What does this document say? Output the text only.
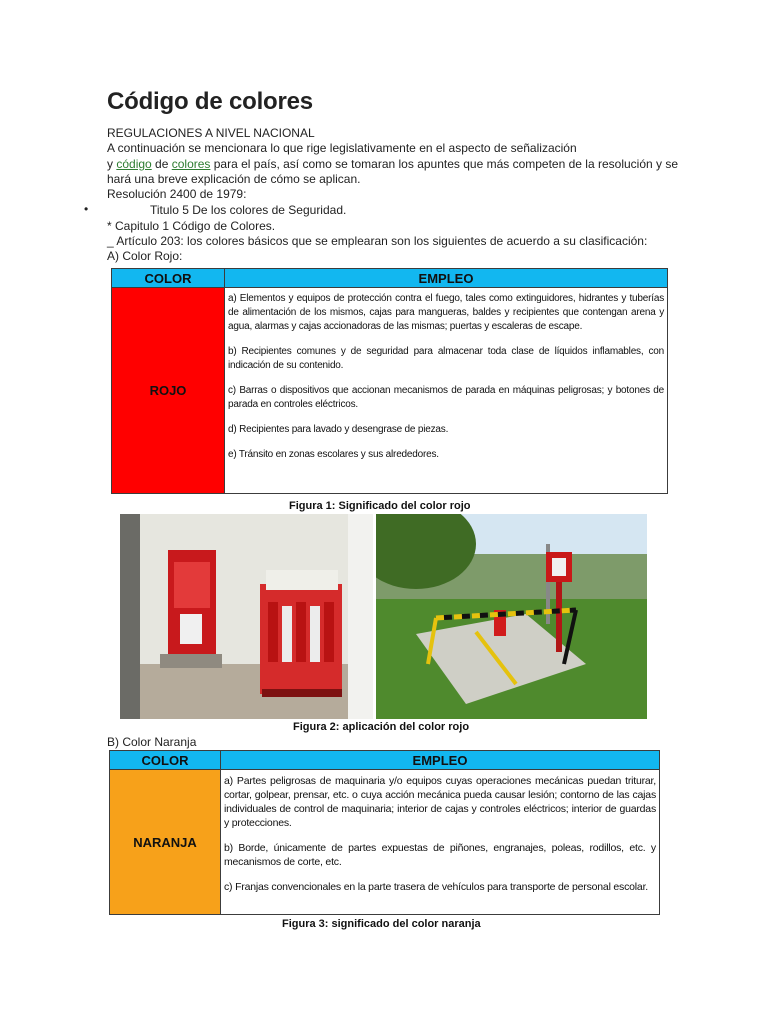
Código de colores
REGULACIONES A NIVEL NACIONAL
A continuación se mencionara lo que rige legislativamente en el aspecto de señalización
y código de colores para el país, así como se tomaran los apuntes que más competen de la resolución y se
hará una breve explicación de cómo se aplican.
Resolución 2400 de 1979:
•	Titulo 5 De los colores de Seguridad.
* Capitulo 1 Código de Colores.
_ Artículo 203: los colores básicos que se emplearan son los siguientes de acuerdo a su clasificación:
A) Color Rojo:
COLOR	EMPLEO
ROJO	a) Elementos y equipos de protección contra el fuego, tales como extinguidores, hidrantes y tuberías de alimentación de los mismos, cajas para mangueras, baldes y recipientes que contengan arena y agua, alarmas y cajas accionadoras de las mismas; puertas y escaleras de escape.

b) Recipientes comunes y de seguridad para almacenar toda clase de líquidos inflamables, con indicación de su contenido.

c) Barras o dispositivos que accionan mecanismos de parada en máquinas peligrosas; y botones de parada en controles eléctricos.

d) Recipientes para lavado y desengrase de piezas.

e) Tránsito en zonas escolares y sus alrededores.

Figura 1: Significado del color rojo
Figura 2: aplicación del color rojo
B) Color Naranja
COLOR	EMPLEO
NARANJA	a) Partes peligrosas de maquinaria y/o equipos cuyas operaciones mecánicas puedan triturar, cortar, golpear, prensar, etc. o cuya acción mecánica pueda causar lesión; contorno de las cajas individuales de control de maquinaria; interior de cajas y controles eléctricos; interior de guardas y protecciones.

b) Borde, únicamente de partes expuestas de piñones, engranajes, poleas, rodillos, etc. y mecanismos de corte, etc.

c) Franjas convencionales en la parte trasera de vehículos para transporte de personal escolar.

Figura 3: significado del color naranja
